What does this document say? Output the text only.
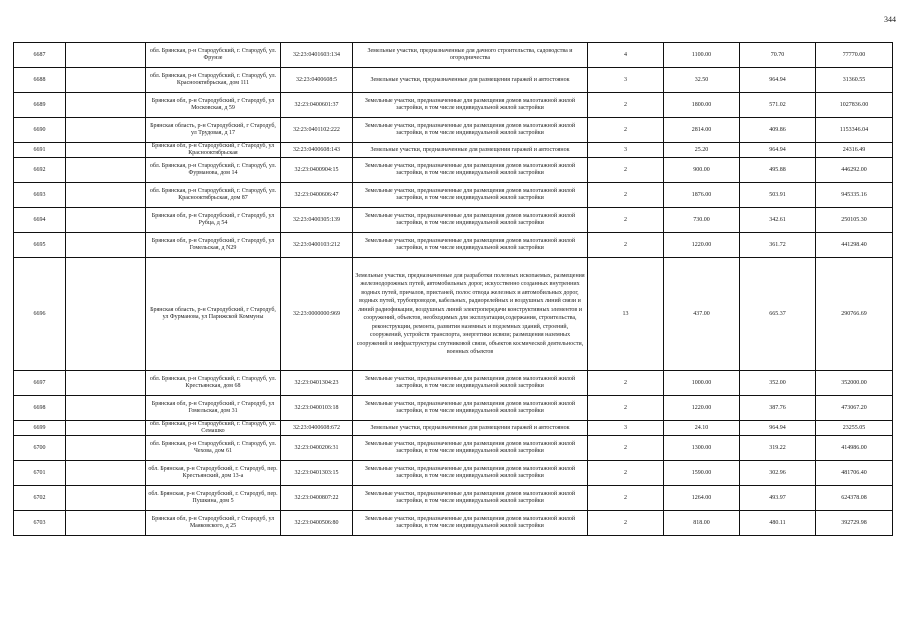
344
6687		обл. Брянская, р-н Стародубский, г. Стародуб, ул. Фрунзе	32:23:0401603:134	Земельные участки, предназначенные для дачного строительства, садоводства и огородничества	4	1100.00	70.70	77770.00
6688		обл. Брянская, р-н Стародубский, г. Стародуб, ул. Краснооктябрьская, дом 111	32:23:0400608:5	Земельные участки, предназначенные для размещения гаражей и автостоянок	3	32.50	964.94	31360.55
6689		Брянская обл, р-н Стародубский, г Стародуб, ул Московская, д 59	32:23:0400601:37	Земельные участки, предназначенные для размещения домов малоэтажной жилой застройки, в том числе индивидуальной жилой застройки	2	1800.00	571.02	1027836.00
6690		Брянская область, р-н Стародубский, г Стародуб, ул Трудовая, д 17	32:23:0401102:222	Земельные участки, предназначенные для размещения домов малоэтажной жилой застройки, в том числе индивидуальной жилой застройки	2	2814.00	409.86	1153346.04
6691		Брянская обл, р-н Стародубский, г Стародуб, ул Краснооктябрьская	32:23:0400608:143	Земельные участки, предназначенные для размещения гаражей и автостоянок	3	25.20	964.94	24316.49
6692		обл. Брянская, р-н Стародубский, г. Стародуб, ул. Фурманова, дом 14	32:23:0400904:15	Земельные участки, предназначенные для размещения домов малоэтажной жилой застройки, в том числе индивидуальной жилой застройки	2	900.00	495.88	446292.00
6693		обл. Брянская, р-н Стародубский, г. Стародуб, ул. Краснооктябрьская, дом 87	32:23:0400606:47	Земельные участки, предназначенные для размещения домов малоэтажной жилой застройки, в том числе индивидуальной жилой застройки	2	1876.00	503.91	945335.16
6694		Брянская обл, р-н Стародубский, г Стародуб, ул Рубца, д 54	32:23:0400305:139	Земельные участки, предназначенные для размещения домов малоэтажной жилой застройки, в том числе индивидуальной жилой застройки	2	730.00	342.61	250105.30
6695		Брянская обл, р-н Стародубский, г Стародуб, ул Гомельская, д N29	32:23:0400103:212	Земельные участки, предназначенные для размещения домов малоэтажной жилой застройки, в том числе индивидуальной жилой застройки	2	1220.00	361.72	441298.40
6696		Брянская область, р-н Стародубский, г Стародуб, ул Фурманова, ул Парижской Коммуны	32:23:0000000:969	Земельные участки, предназначенные для разработки полезных ископаемых, размещения железнодорожных путей, автомобильных дорог, искусственно созданных внутренних водных путей, причалов, пристаней, полос отвода железных и автомобильных дорог, водных путей, трубопроводов, кабельных, радиорелейных и воздушных линий связи и линий радиофикации, воздушных линий электропередачи конструктивных элементов и сооружений, объектов, необходимых для эксплуатации,содержания, строительства, реконструкции, ремонта, развития наземных и подземных зданий, строений, сооружений, устройств транспорта, энергетики исвязи; размещения наземных сооружений и инфраструктуры спутниковой связи, объектов космической деятельности, военных объектов	13	437.00	665.37	290766.69
6697		обл. Брянская, р-н Стародубский, г. Стародуб, ул. Крестьянская, дом 68	32:23:0401304:23	Земельные участки, предназначенные для размещения домов малоэтажной жилой застройки, в том числе индивидуальной жилой застройки	2	1000.00	352.00	352000.00
6698		Брянская обл, р-н Стародубский, г Стародуб, ул Гомельская, дом 31	32:23:0400103:18	Земельные участки, предназначенные для размещения домов малоэтажной жилой застройки, в том числе индивидуальной жилой застройки	2	1220.00	387.76	473067.20
6699		обл. Брянская, р-н Стародубский, г. Стародуб, ул. Семашко	32:23:0400608:672	Земельные участки, предназначенные для размещения гаражей и автостоянок	3	24.10	964.94	23255.05
6700		обл. Брянская, р-н Стародубский, г. Стародуб, ул. Чехова, дом 61	32:23:0400206:31	Земельные участки, предназначенные для размещения домов малоэтажной жилой застройки, в том числе индивидуальной жилой застройки	2	1300.00	319.22	414986.00
6701		обл. Брянская, р-н Стародубский, г. Стародуб, пер. Крестьянский, дом 13-а	32:23:0401303:15	Земельные участки, предназначенные для размещения домов малоэтажной жилой застройки, в том числе индивидуальной жилой застройки	2	1590.00	302.96	481706.40
6702		обл. Брянская, р-н Стародубский, г. Стародуб, пер. Пушкина, дом 5	32:23:0400807:22	Земельные участки, предназначенные для размещения домов малоэтажной жилой застройки, в том числе индивидуальной жилой застройки	2	1264.00	493.97	624378.08
6703		Брянская обл, р-н Стародубский, г Стародуб, ул Маяковского, д 25	32:23:0400506:80	Земельные участки, предназначенные для размещения домов малоэтажной жилой застройки, в том числе индивидуальной жилой застройки	2	818.00	480.11	392729.98
